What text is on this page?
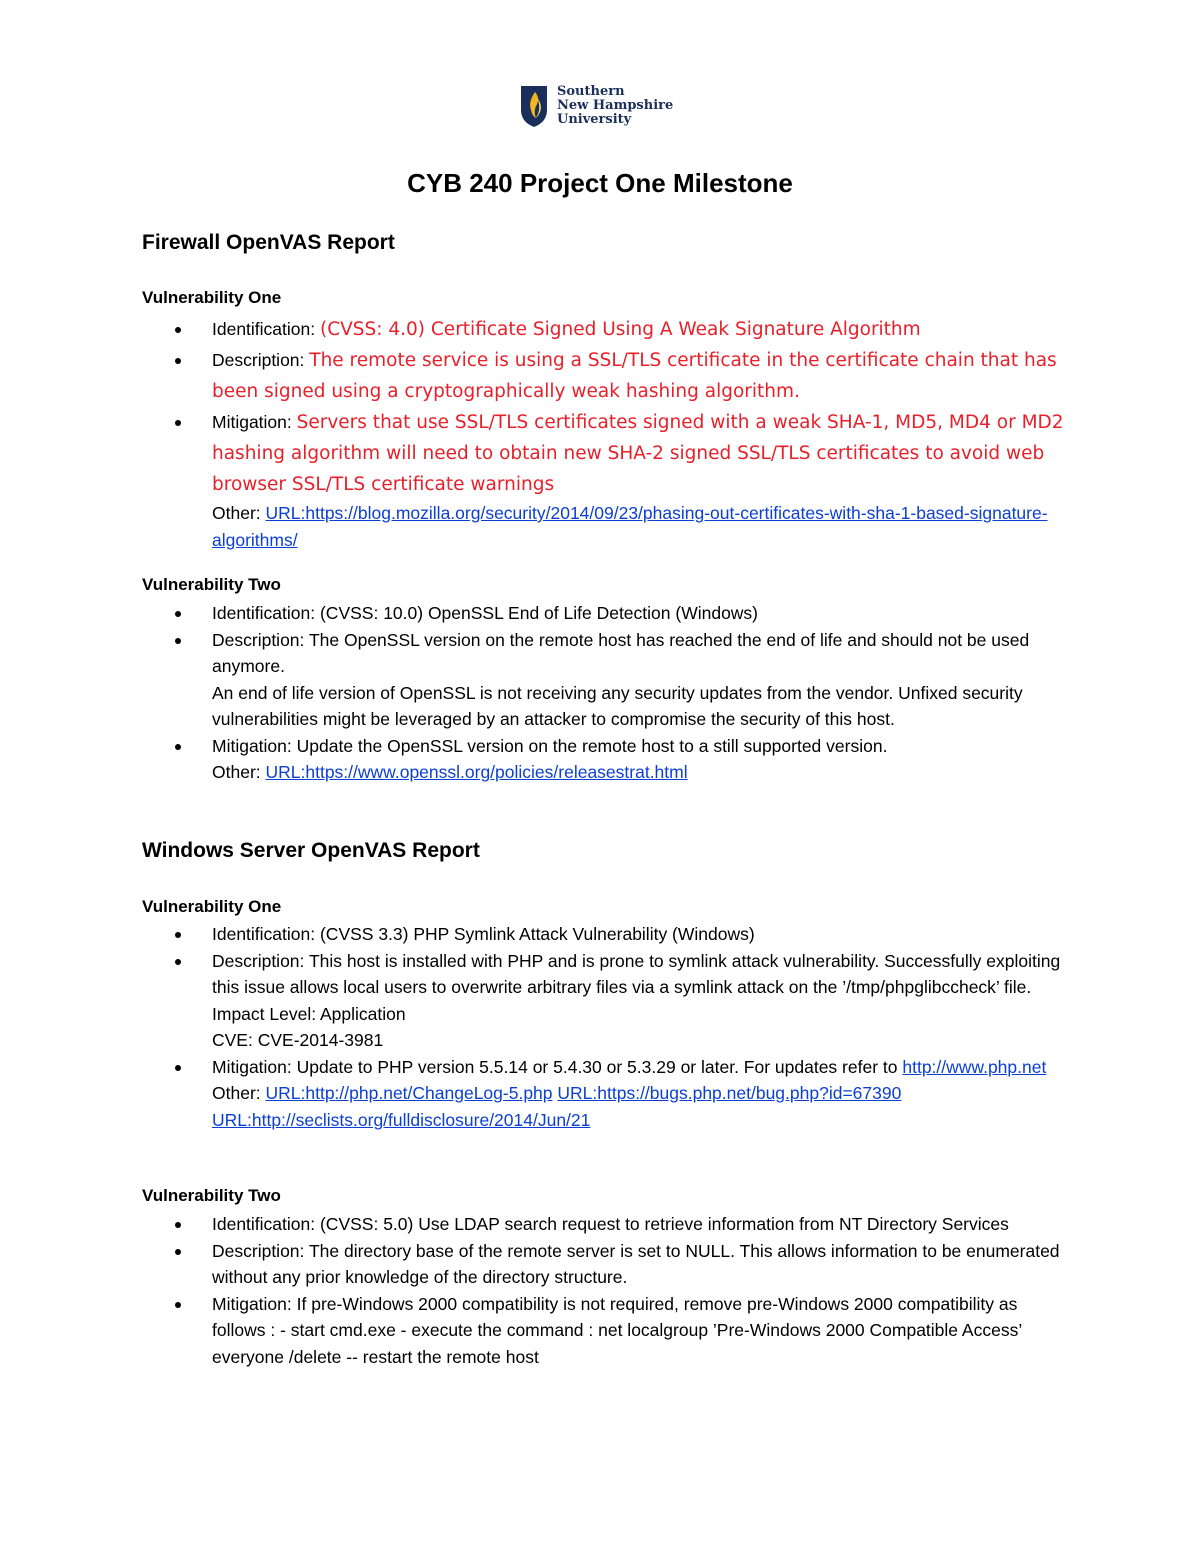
Southern
New Hampshire
University
CYB 240 Project One Milestone
Firewall OpenVAS Report
Vulnerability One
Identification: (CVSS: 4.0) Certificate Signed Using A Weak Signature Algorithm
Description: The remote service is using a SSL/TLS certificate in the certificate chain that has been signed using a cryptographically weak hashing algorithm.
Mitigation: Servers that use SSL/TLS certificates signed with a weak SHA-1, MD5, MD4 or MD2 hashing algorithm will need to obtain new SHA-2 signed SSL/TLS certificates to avoid web browser SSL/TLS certificate warnings
Other: URL:https://blog.mozilla.org/security/2014/09/23/phasing-out-certificates-with-sha-1-based-signature-algorithms/
Vulnerability Two
Identification: (CVSS: 10.0) OpenSSL End of Life Detection (Windows)
Description: The OpenSSL version on the remote host has reached the end of life and should not be used anymore.
An end of life version of OpenSSL is not receiving any security updates from the vendor. Unfixed security vulnerabilities might be leveraged by an attacker to compromise the security of this host.
Mitigation: Update the OpenSSL version on the remote host to a still supported version.
Other: URL:https://www.openssl.org/policies/releasestrat.html
Windows Server OpenVAS Report
Vulnerability One
Identification: (CVSS 3.3) PHP Symlink Attack Vulnerability (Windows)
Description: This host is installed with PHP and is prone to symlink attack vulnerability. Successfully exploiting this issue allows local users to overwrite arbitrary files via a symlink attack on the ’/tmp/phpglibccheck’ file. Impact Level: Application
CVE: CVE-2014-3981
Mitigation: Update to PHP version 5.5.14 or 5.4.30 or 5.3.29 or later. For updates refer to http://www.php.net
Other: URL:http://php.net/ChangeLog-5.php URL:https://bugs.php.net/bug.php?id=67390
URL:http://seclists.org/fulldisclosure/2014/Jun/21
Vulnerability Two
Identification: (CVSS: 5.0) Use LDAP search request to retrieve information from NT Directory Services
Description: The directory base of the remote server is set to NULL. This allows information to be enumerated without any prior knowledge of the directory structure.
Mitigation: If pre-Windows 2000 compatibility is not required, remove pre-Windows 2000 compatibility as follows : - start cmd.exe - execute the command : net localgroup ’Pre-Windows 2000 Compatible Access’ everyone /delete -- restart the remote host
